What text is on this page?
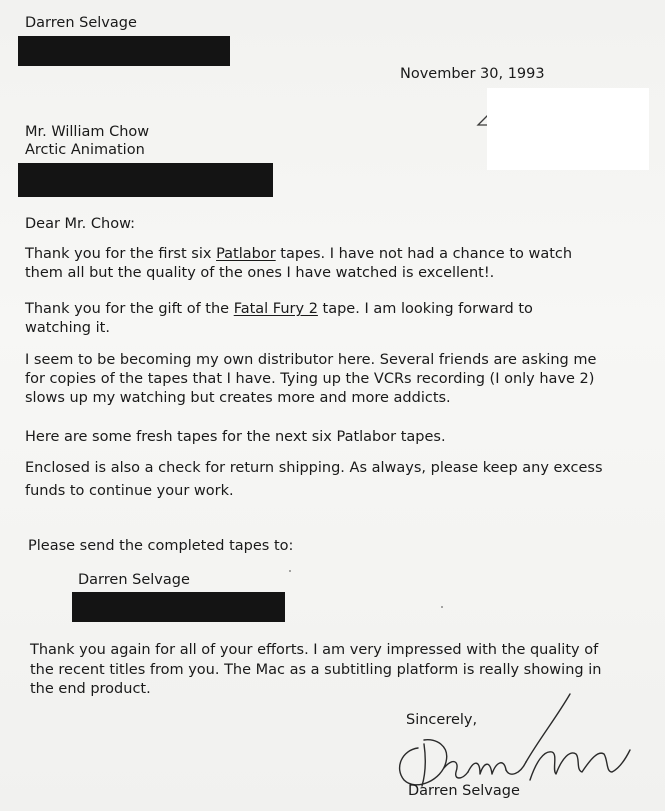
Darren Selvage
November 30, 1993
Mr. William Chow
Arctic Animation
Dear Mr. Chow:
Thank you for the first six Patlabor tapes. I have not had a chance to watch
them all but the quality of the ones I have watched is excellent!.
Thank you for the gift of the Fatal Fury 2 tape. I am looking forward to
watching it.
I seem to be becoming my own distributor here. Several friends are asking me
for copies of the tapes that I have. Tying up the VCRs recording (I only have 2)
slows up my watching but creates more and more addicts.
Here are some fresh tapes for the next six Patlabor tapes.
Enclosed is also a check for return shipping. As always, please keep any excess
funds to continue your work.
Please send the completed tapes to:
Darren Selvage
Thank you again for all of your efforts. I am very impressed with the quality of
the recent titles from you. The Mac as a subtitling platform is really showing in
the end product.
Sincerely,
Darren Selvage
